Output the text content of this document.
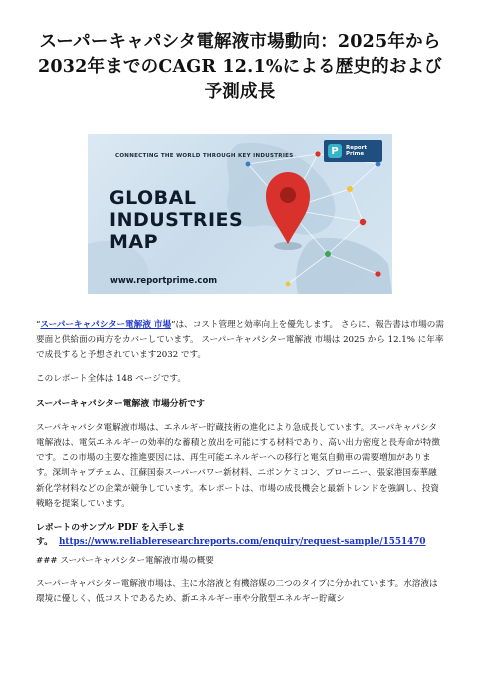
スーパーキャパシタ電解液市場動向：2025年から2032年までのCAGR 12.1%による歴史的および予測成長
CONNECTING THE WORLD THROUGH KEY INDUSTRIES
GLOBAL
INDUSTRIES
MAP
www.reportprime.com
P	Report
Prime

“スーパーキャパシター電解液 市場”は、コスト管理と効率向上を優先します。 さらに、報告書は市場の需要面と供給面の両方をカバーしています。 スーパーキャパシター電解液 市場は 2025 から 12.1% に年率で成長すると予想されています2032 です。

このレポート全体は 148 ページです。

スーパーキャパシター電解液 市場分析です

スーパキャパシタ電解液市場は、エネルギー貯蔵技術の進化により急成長しています。スーパキャパシタ電解液は、電気エネルギーの効率的な蓄積と放出を可能にする材料であり、高い出力密度と長寿命が特徴です。この市場の主要な推進要因には、再生可能エネルギーへの移行と電気自動車の需要増加があります。深圳キャプチェム、江蘇国泰スーパーパワー新材料、ニポンケミコン、ブローニー、張家港国泰華融新化学材料などの企業が競争しています。本レポートは、市場の成長機会と最新トレンドを強調し、投資戦略を提案しています。

レポートのサンプル PDF を入手します。 https://www.reliableresearchreports.com/enquiry/request-sample/1551470

### スーパーキャパシター電解液市場の概要

スーパーキャパシター電解液市場は、主に水溶液と有機溶媒の二つのタイプに分かれています。水溶液は環境に優しく、低コストであるため、新エネルギー車や分散型エネルギー貯蔵シ
